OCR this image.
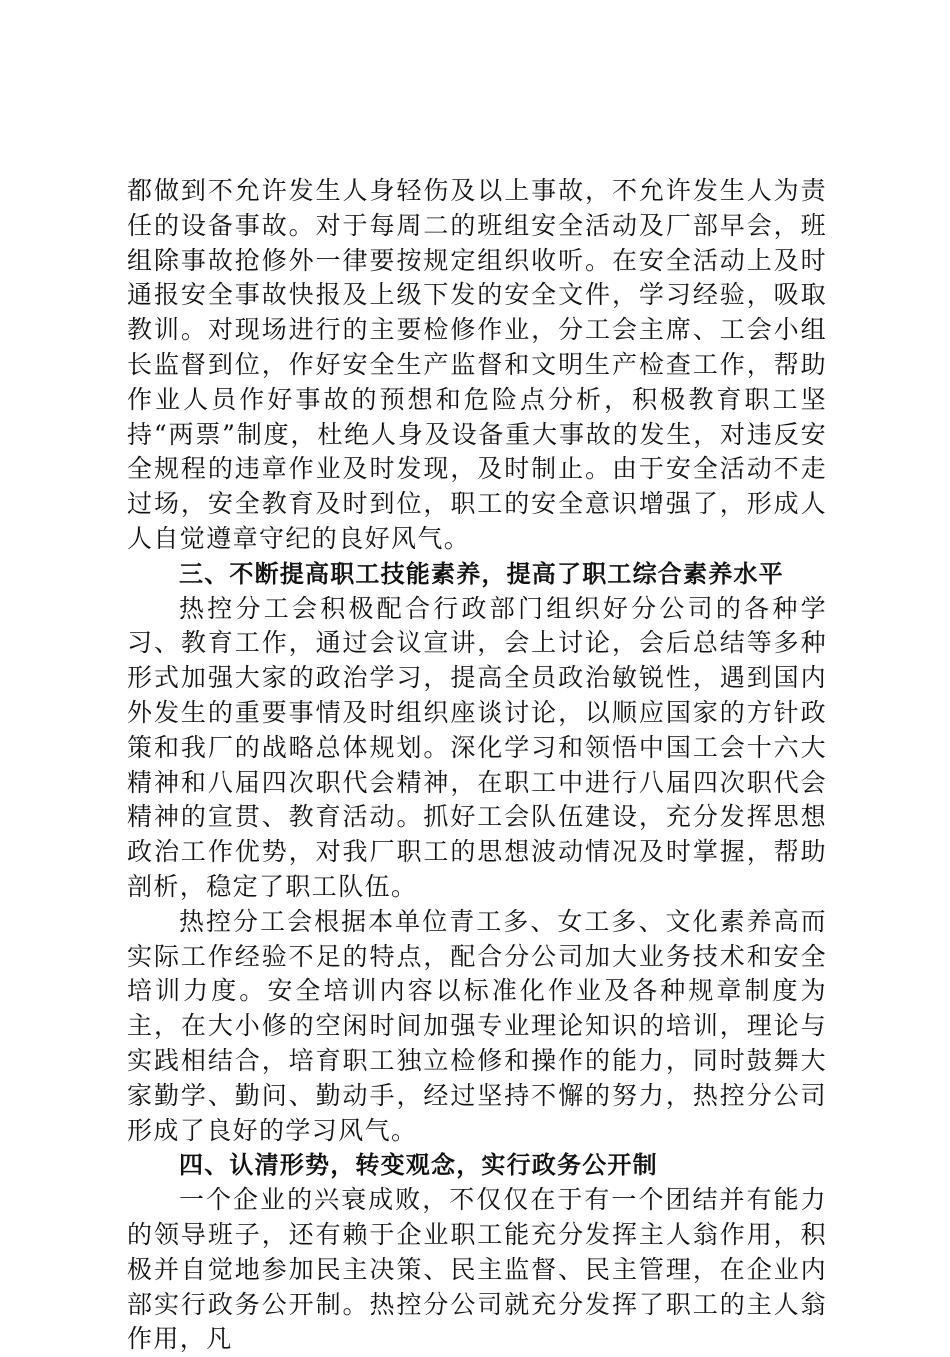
都做到不允许发生人身轻伤及以上事故，不允许发生人为责任的设备事故。对于每周二的班组安全活动及厂部早会，班组除事故抢修外一律要按规定组织收听。在安全活动上及时通报安全事故快报及上级下发的安全文件，学习经验，吸取教训。对现场进行的主要检修作业，分工会主席、工会小组长监督到位，作好安全生产监督和文明生产检查工作，帮助作业人员作好事故的预想和危险点分析，积极教育职工坚持“两票”制度，杜绝人身及设备重大事故的发生，对违反安全规程的违章作业及时发现，及时制止。由于安全活动不走过场，安全教育及时到位，职工的安全意识增强了，形成人人自觉遵章守纪的良好风气。

三、不断提高职工技能素养，提高了职工综合素养水平

热控分工会积极配合行政部门组织好分公司的各种学习、教育工作，通过会议宣讲，会上讨论，会后总结等多种形式加强大家的政治学习，提高全员政治敏锐性，遇到国内外发生的重要事情及时组织座谈讨论，以顺应国家的方针政策和我厂的战略总体规划。深化学习和领悟中国工会十六大精神和八届四次职代会精神，在职工中进行八届四次职代会精神的宣贯、教育活动。抓好工会队伍建设，充分发挥思想政治工作优势，对我厂职工的思想波动情况及时掌握，帮助剖析，稳定了职工队伍。

热控分工会根据本单位青工多、女工多、文化素养高而实际工作经验不足的特点，配合分公司加大业务技术和安全培训力度。安全培训内容以标准化作业及各种规章制度为主，在大小修的空闲时间加强专业理论知识的培训，理论与实践相结合，培育职工独立检修和操作的能力，同时鼓舞大家勤学、勤问、勤动手，经过坚持不懈的努力，热控分公司形成了良好的学习风气。

四、认清形势，转变观念，实行政务公开制

一个企业的兴衰成败，不仅仅在于有一个团结并有能力的领导班子，还有赖于企业职工能充分发挥主人翁作用，积极并自觉地参加民主决策、民主监督、民主管理，在企业内部实行政务公开制。热控分公司就充分发挥了职工的主人翁作用，凡
